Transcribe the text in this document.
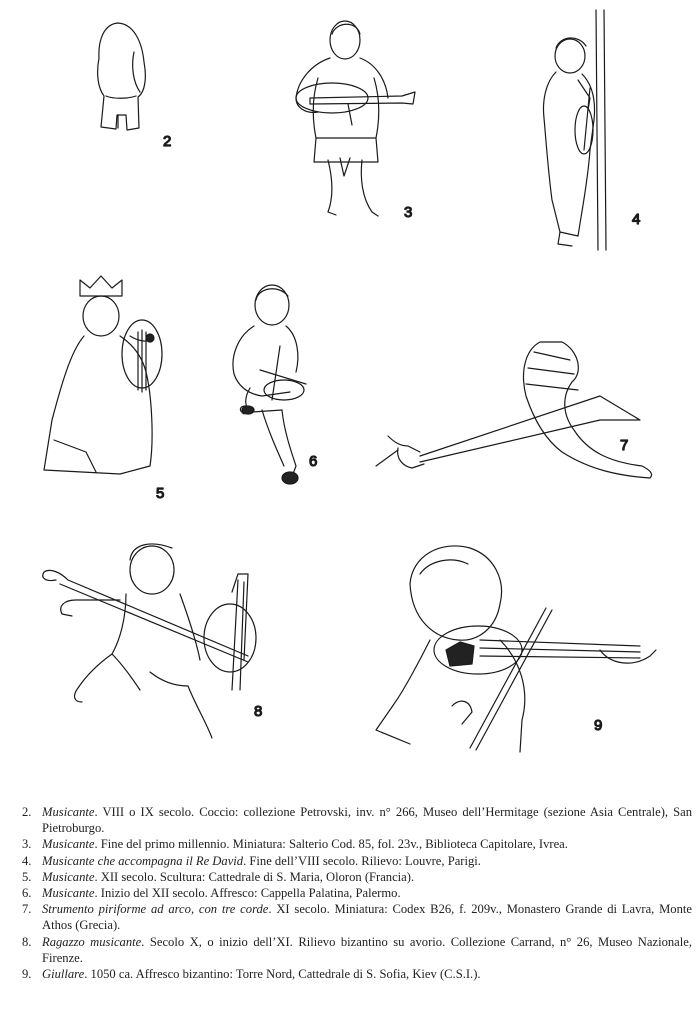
2
3	4
5
6
7
8
9
2. Musicante. VIII o IX secolo. Coccio: collezione Petrovski, inv. n° 266, Museo dell’Hermitage (sezione Asia Centrale), San Pietroburgo.
3. Musicante. Fine del primo millennio. Miniatura: Salterio Cod. 85, fol. 23v., Biblioteca Capitolare, Ivrea.
4. Musicante che accompagna il Re David. Fine dell’VIII secolo. Rilievo: Louvre, Parigi.
5. Musicante. XII secolo. Scultura: Cattedrale di S. Maria, Oloron (Francia).
6. Musicante. Inizio del XII secolo. Affresco: Cappella Palatina, Palermo.
7. Strumento piriforme ad arco, con tre corde. XI secolo. Miniatura: Codex B26, f. 209v., Monastero Grande di Lavra, Monte Athos (Grecia).
8. Ragazzo musicante. Secolo X, o inizio dell’XI. Rilievo bizantino su avorio. Collezione Carrand, n° 26, Museo Nazionale, Firenze.
9. Giullare. 1050 ca. Affresco bizantino: Torre Nord, Cattedrale di S. Sofia, Kiev (C.S.I.).
